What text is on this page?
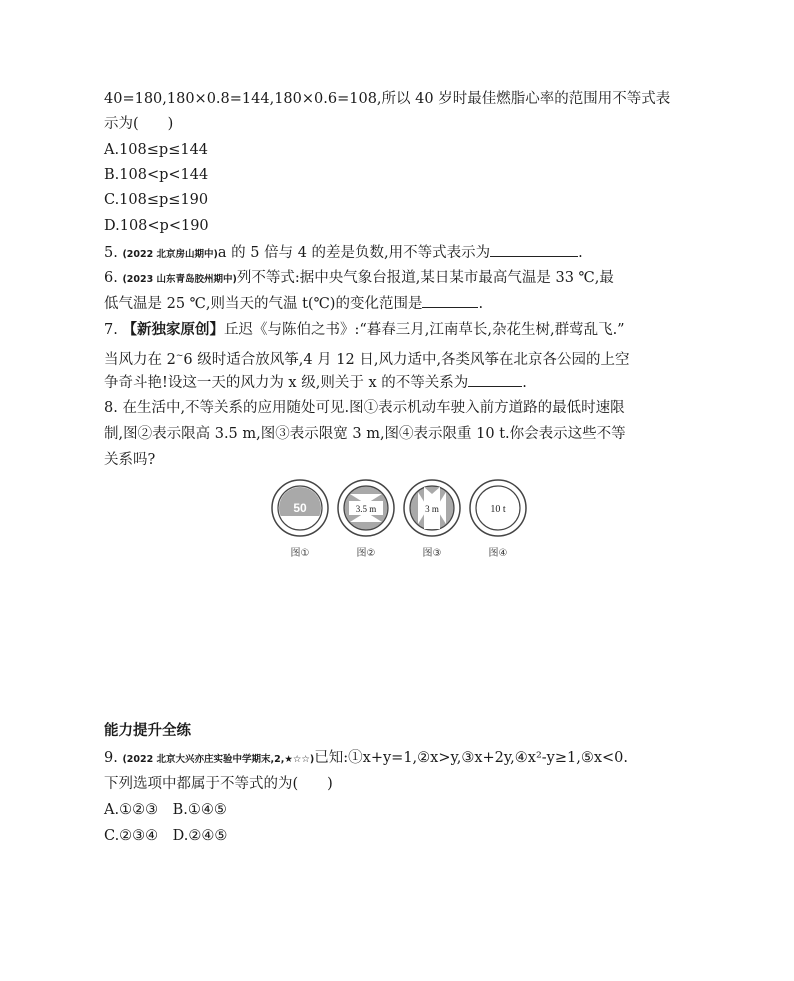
40=180,180×0.8=144,180×0.6=108,所以 40 岁时最佳燃脂心率的范围用不等式表
示为(　　)
A.108≤p≤144
B.108<p<144
C.108≤p≤190
D.108<p<190
5. (2022 北京房山期中)a 的 5 倍与 4 的差是负数,用不等式表示为	.
6. (2023 山东青岛胶州期中)列不等式:据中央气象台报道,某日某市最高气温是 33 ℃,最
低气温是 25 ℃,则当天的气温 t(℃)的变化范围是	.
7. 【新独家原创】丘迟《与陈伯之书》:“暮春三月,江南草长,杂花生树,群莺乱飞.”
当风力在 2~6 级时适合放风筝,4 月 12 日,风力适中,各类风筝在北京各公园的上空
争奇斗艳!设这一天的风力为 x 级,则关于 x 的不等关系为	.
8. 在生活中,不等关系的应用随处可见.图①表示机动车驶入前方道路的最低时速限
制,图②表示限高 3.5 m,图③表示限宽 3 m,图④表示限重 10 t.你会表示这些不等
关系吗?
50
图①
3.5 m
图②
3 m
图③
10 t
图④
能力提升全练
9. (2022 北京大兴亦庄实验中学期末,2,★☆☆)已知:①x+y=1,②x>y,③x+2y,④x²-y≥1,⑤x<0.
下列选项中都属于不等式的为(　　)
A.①②③　B.①④⑤
C.②③④　D.②④⑤
